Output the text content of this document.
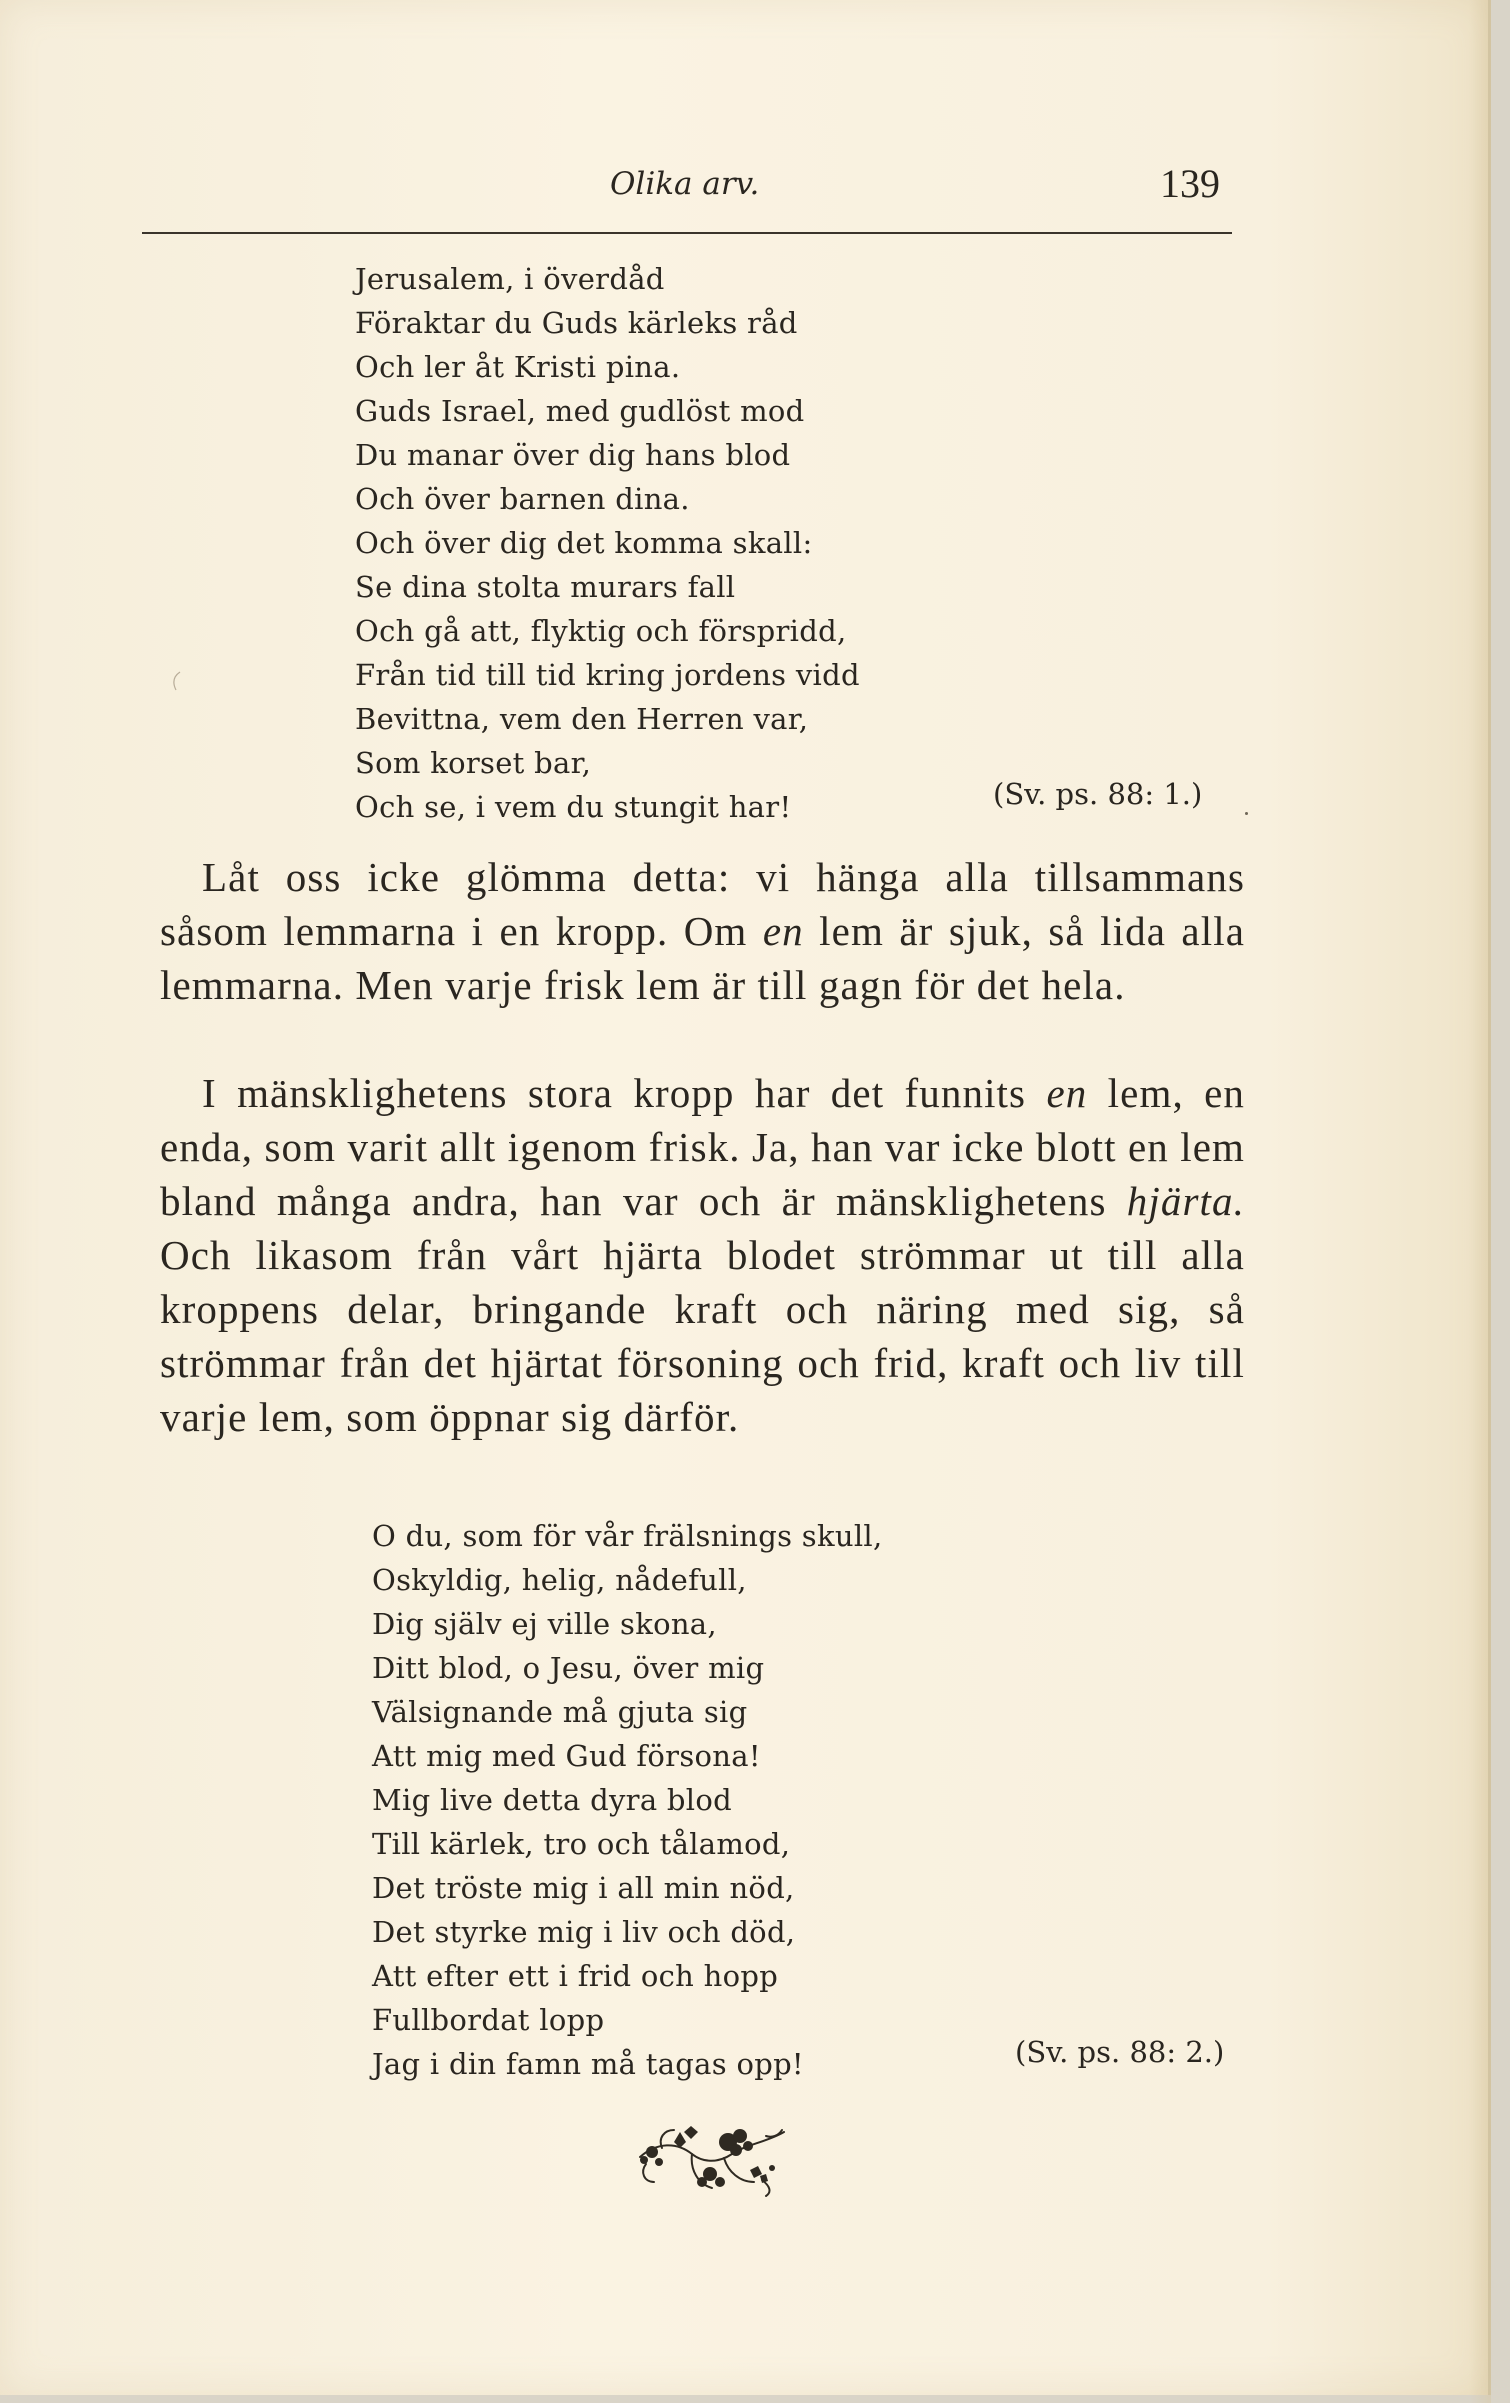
Olika arv.	139
Jerusalem, i överdåd
Föraktar du Guds kärleks råd
Och ler åt Kristi pina.
Guds Israel, med gudlöst mod
Du manar över dig hans blod
Och över barnen dina.
Och över dig det komma skall:
Se dina stolta murars fall
Och gå att, flyktig och förspridd,
Från tid till tid kring jordens vidd
Bevittna, vem den Herren var,
Som korset bar,
Och se, i vem du stungit har!	(Sv. ps. 88: 1.)
Låt oss icke glömma detta: vi hänga alla tillsammans såsom lemmarna i en kropp. Om en lem är sjuk, så lida alla lemmarna. Men varje frisk lem är till gagn för det hela.
I mänsklighetens stora kropp har det funnits en lem, en enda, som varit allt igenom frisk. Ja, han var icke blott en lem bland många andra, han var och är mänsklighetens hjärta. Och likasom från vårt hjärta blodet strömmar ut till alla kroppens delar, bringande kraft och näring med sig, så strömmar från det hjärtat försoning och frid, kraft och liv till varje lem, som öppnar sig därför.
O du, som för vår frälsnings skull,
Oskyldig, helig, nådefull,
Dig själv ej ville skona,
Ditt blod, o Jesu, över mig
Välsignande må gjuta sig
Att mig med Gud försona!
Mig live detta dyra blod
Till kärlek, tro och tålamod,
Det tröste mig i all min nöd,
Det styrke mig i liv och död,
Att efter ett i frid och hopp
Fullbordat lopp
Jag i din famn må tagas opp!	(Sv. ps. 88: 2.)
